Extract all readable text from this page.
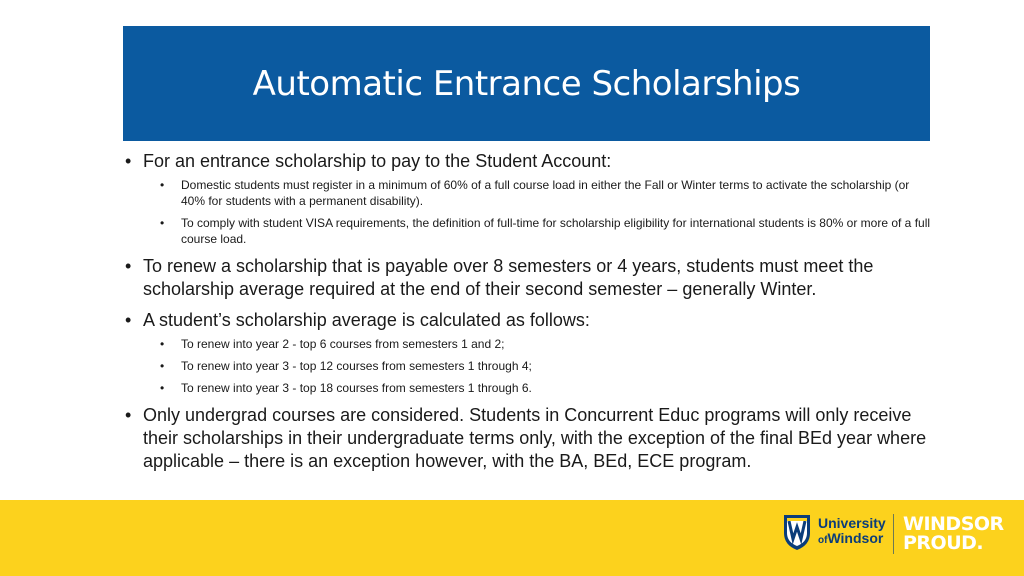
Automatic Entrance Scholarships
• For an entrance scholarship to pay to the Student Account:
• Domestic students must register in a minimum of 60% of a full course load in either the Fall or Winter terms to activate the scholarship (or 40% for students with a permanent disability).
• To comply with student VISA requirements, the definition of full-time for scholarship eligibility for international students is 80% or more of a full course load.
• To renew a scholarship that is payable over 8 semesters or 4 years, students must meet the scholarship average required at the end of their second semester – generally Winter.
• A student’s scholarship average is calculated as follows:
• To renew into year 2 - top 6 courses from semesters 1 and 2;
• To renew into year 3 - top 12 courses from semesters 1 through 4;
• To renew into year 3 - top 18 courses from semesters 1 through 6.
• Only undergrad courses are considered. Students in Concurrent Educ programs will only receive their scholarships in their undergraduate terms only, with the exception of the final BEd year where applicable – there is an exception however, with the BA, BEd, ECE program.
University
ofWindsor
WINDSOR
PROUD.
